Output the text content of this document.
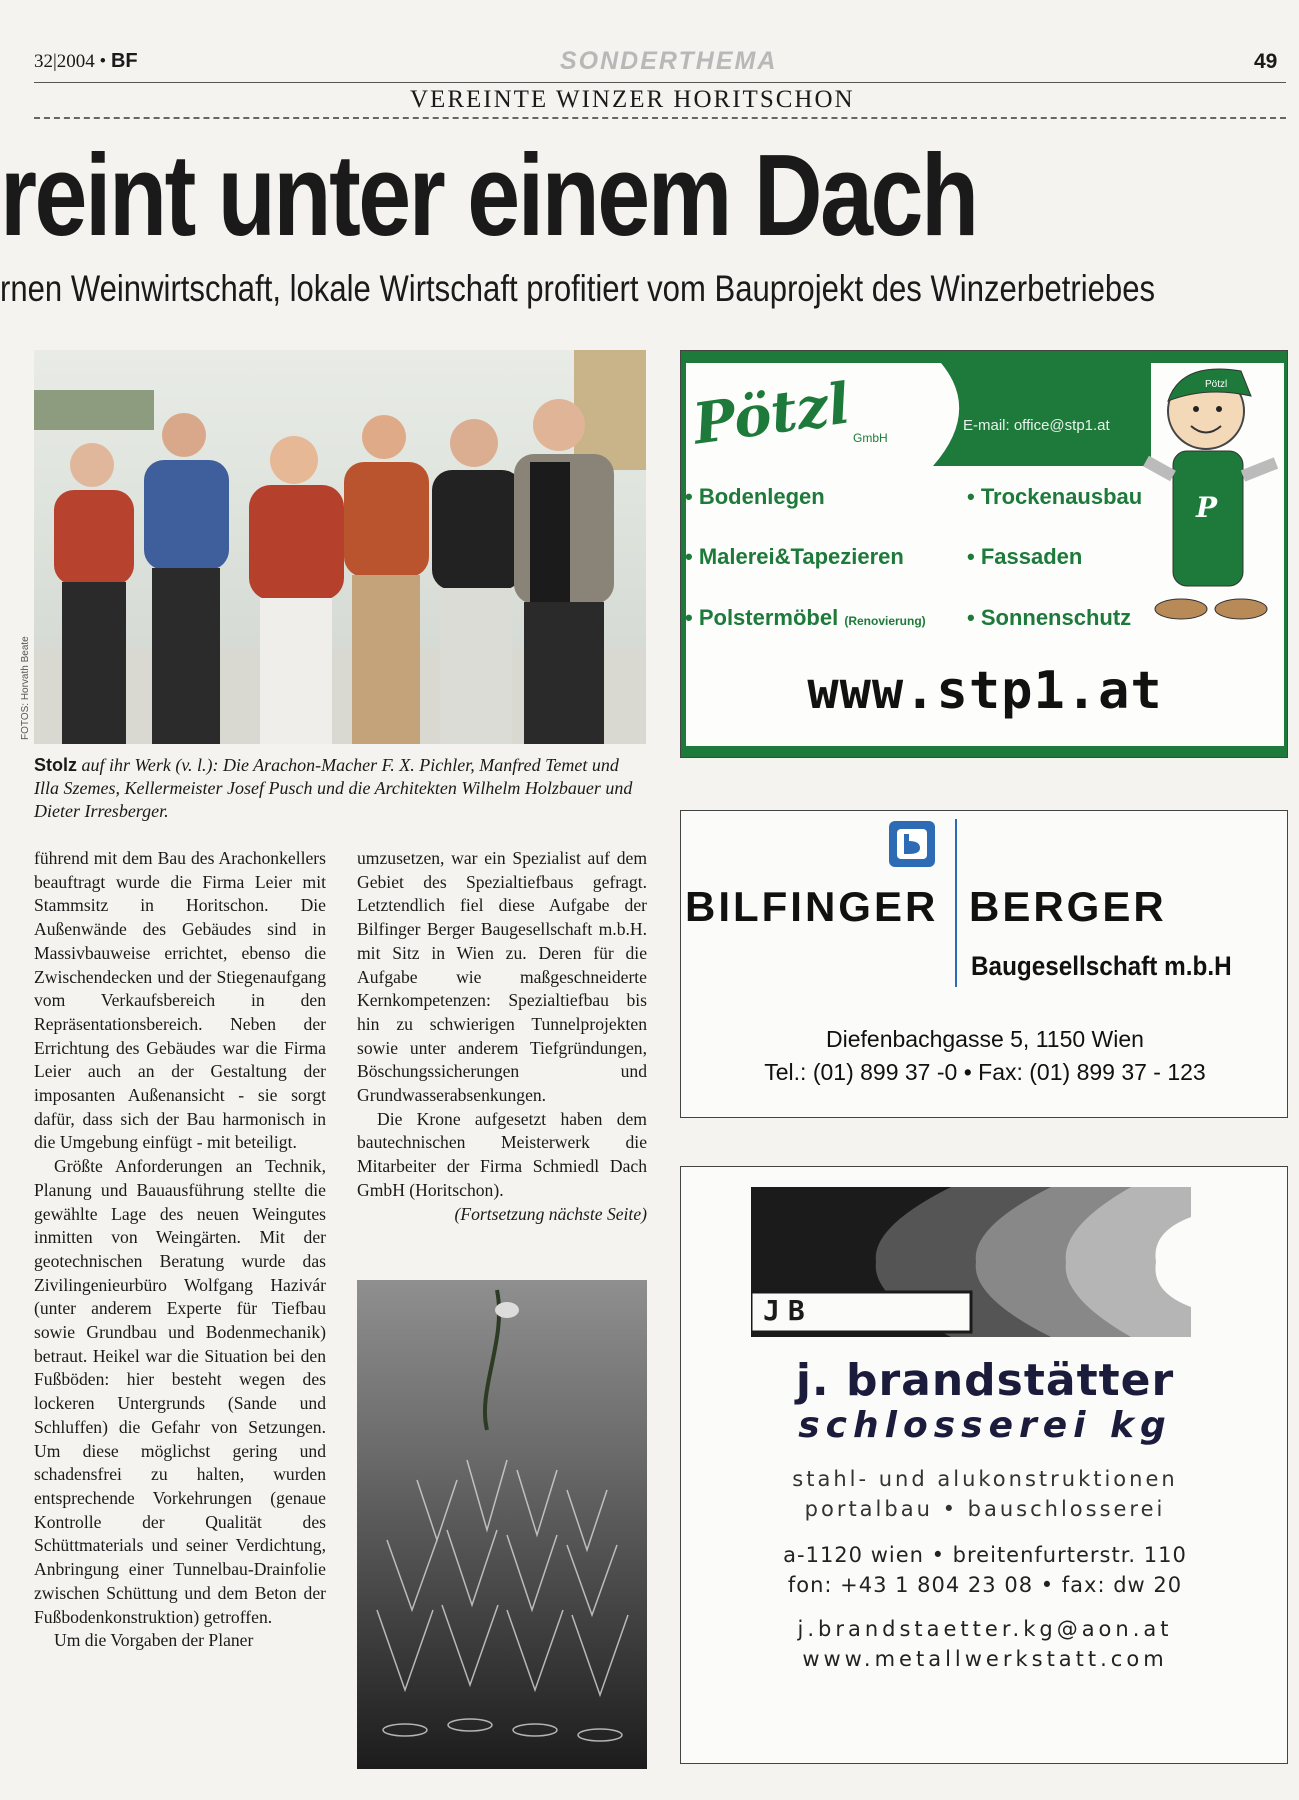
32|2004 • BF	SONDERTHEMA	49
VEREINTE WINZER HORITSCHON
reint unter einem Dach
rnen Weinwirtschaft, lokale Wirtschaft profitiert vom Bauprojekt des Winzerbetriebes
FOTOS: Horvath Beate
Stolz auf ihr Werk (v. l.): Die Arachon-Macher F. X. Pichler, Manfred Temet und Illa Szemes, Kellermeister Josef Pusch und die Architekten Wilhelm Holzbauer und Dieter Irresberger.

führend mit dem Bau des Arachonkellers beauftragt wurde die Firma Leier mit Stammsitz in Horitschon. Die Außenwände des Gebäudes sind in Massivbauweise errichtet, ebenso die Zwischendecken und der Stiegenaufgang vom Verkaufsbereich in den Repräsentationsbereich. Neben der Errichtung des Gebäudes war die Firma Leier auch an der Gestaltung der imposanten Außenansicht - sie sorgt dafür, dass sich der Bau harmonisch in die Umgebung einfügt - mit beteiligt.

Größte Anforderungen an Technik, Planung und Bauausführung stellte die gewählte Lage des neuen Weingutes inmitten von Weingärten. Mit der geotechnischen Beratung wurde das Zivilingenieurbüro Wolfgang Hazivár (unter anderem Experte für Tiefbau sowie Grundbau und Bodenmechanik) betraut. Heikel war die Situation bei den Fußböden: hier besteht wegen des lockeren Untergrunds (Sande und Schluffen) die Gefahr von Setzungen. Um diese möglichst gering und schadensfrei zu halten, wurden entsprechende Vorkehrungen (genaue Kontrolle der Qualität des Schüttmaterials und seiner Verdichtung, Anbringung einer Tunnelbau-Drainfolie zwischen Schüttung und dem Beton der Fußbodenkonstruktion) getroffen.

Um die Vorgaben der Planer

umzusetzen, war ein Spezialist auf dem Gebiet des Spezialtiefbaus gefragt. Letztendlich fiel diese Aufgabe der Bilfinger Berger Baugesellschaft m.b.H. mit Sitz in Wien zu. Deren für die Aufgabe wie maßgeschneiderte Kernkompetenzen: Spezialtiefbau bis hin zu schwierigen Tunnelprojekten sowie unter anderem Tiefgründungen, Böschungssicherungen und Grundwasserabsenkungen.

Die Krone aufgesetzt haben dem bautechnischen Meisterwerk die Mitarbeiter der Firma Schmiedl Dach GmbH (Horitschon).

(Fortsetzung nächste Seite)

Pötzl GmbH
E-mail: office@stp1.at
• Bodenlegen
• Malerei&Tapezieren
• Polstermöbel (Renovierung)
• Trockenausbau
• Fassaden
• Sonnenschutz
www.stp1.at
Pötzl
P
BILFINGER BERGER
Baugesellschaft m.b.H
Diefenbachgasse 5, 1150 Wien
Tel.: (01) 899 37 -0 • Fax: (01) 899 37 - 123
JB
j. brandstätter
schlosserei kg
stahl- und alukonstruktionen
portalbau • bauschlosserei
a-1120 wien • breitenfurterstr. 110
fon: +43 1 804 23 08 • fax: dw 20
j.brandstaetter.kg@aon.at
www.metallwerkstatt.com
